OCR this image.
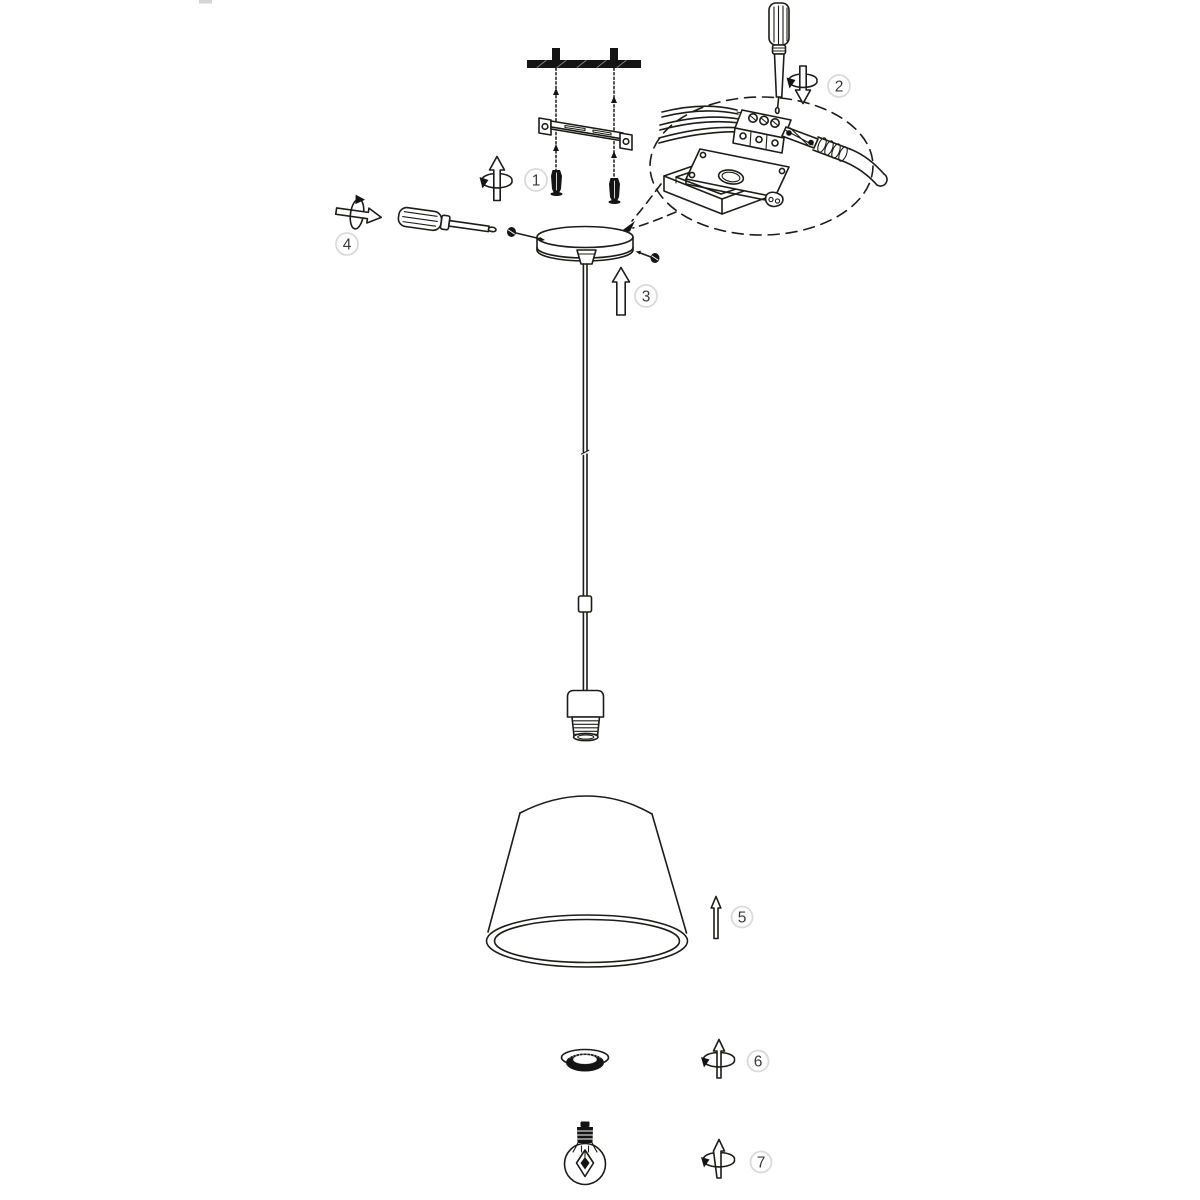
1
2
4
3
5
6
7
